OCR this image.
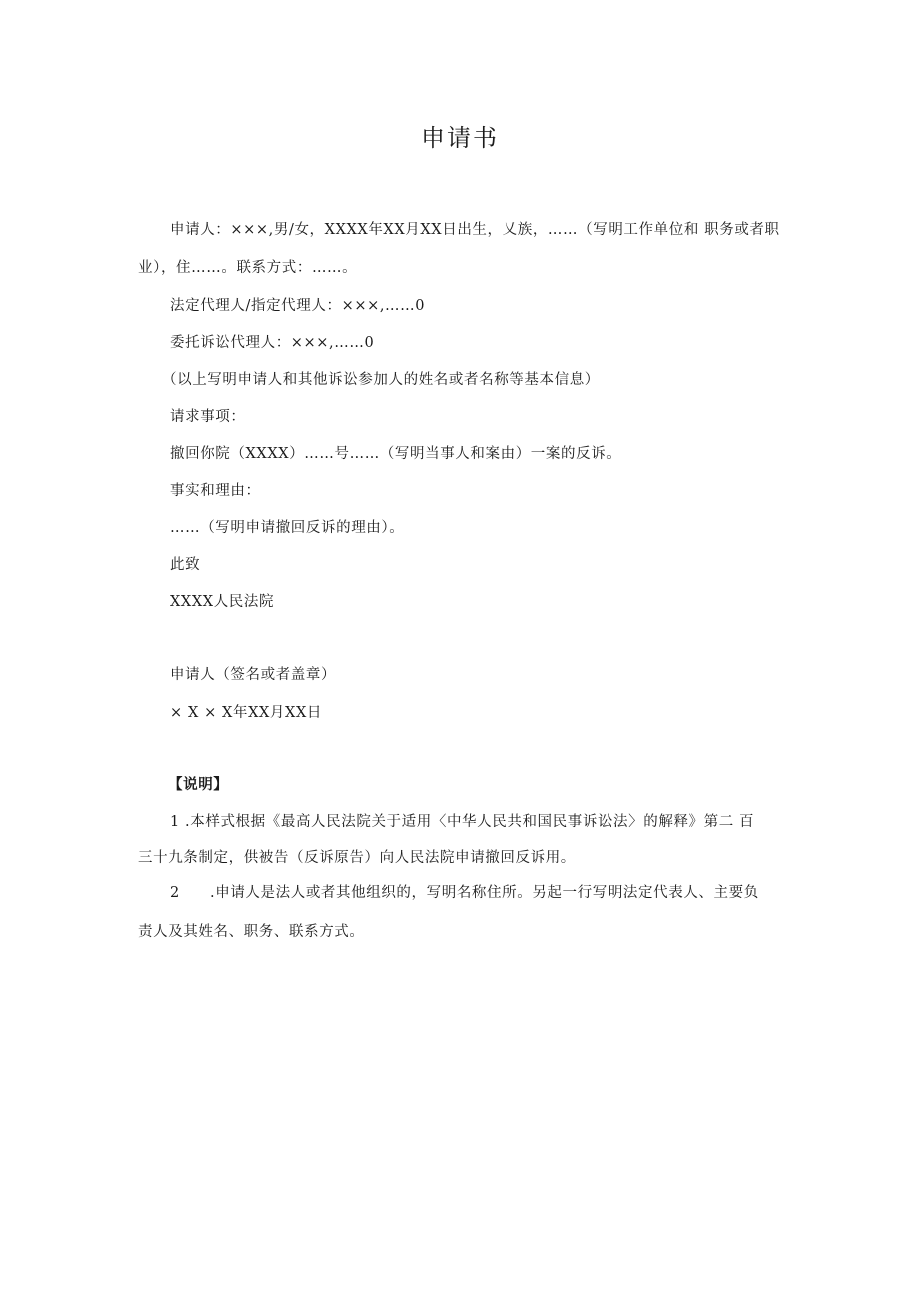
申请书
申请人：×××,男/女，XXXX年XX月XX日出生，乂族，……（写明工作单位和 职务或者职
业），住……。联系方式：……。
法定代理人/指定代理人：×××,……0
委托诉讼代理人：×××,……0
（以上写明申请人和其他诉讼参加人的姓名或者名称等基本信息）
请求事项：
撤回你院（XXXX）……号……（写明当事人和案由）一案的反诉。
事实和理由：
……（写明申请撤回反诉的理由）。
此致
XXXX人民法院
申请人（签名或者盖章）
× X × X年XX月XX日
【说明】
1 .本样式根据《最高人民法院关于适用〈中华人民共和国民事诉讼法〉的解释》第二 百
三十九条制定，供被告（反诉原告）向人民法院申请撤回反诉用。
2　　.申请人是法人或者其他组织的，写明名称住所。另起一行写明法定代表人、主要负
责人及其姓名、职务、联系方式。
